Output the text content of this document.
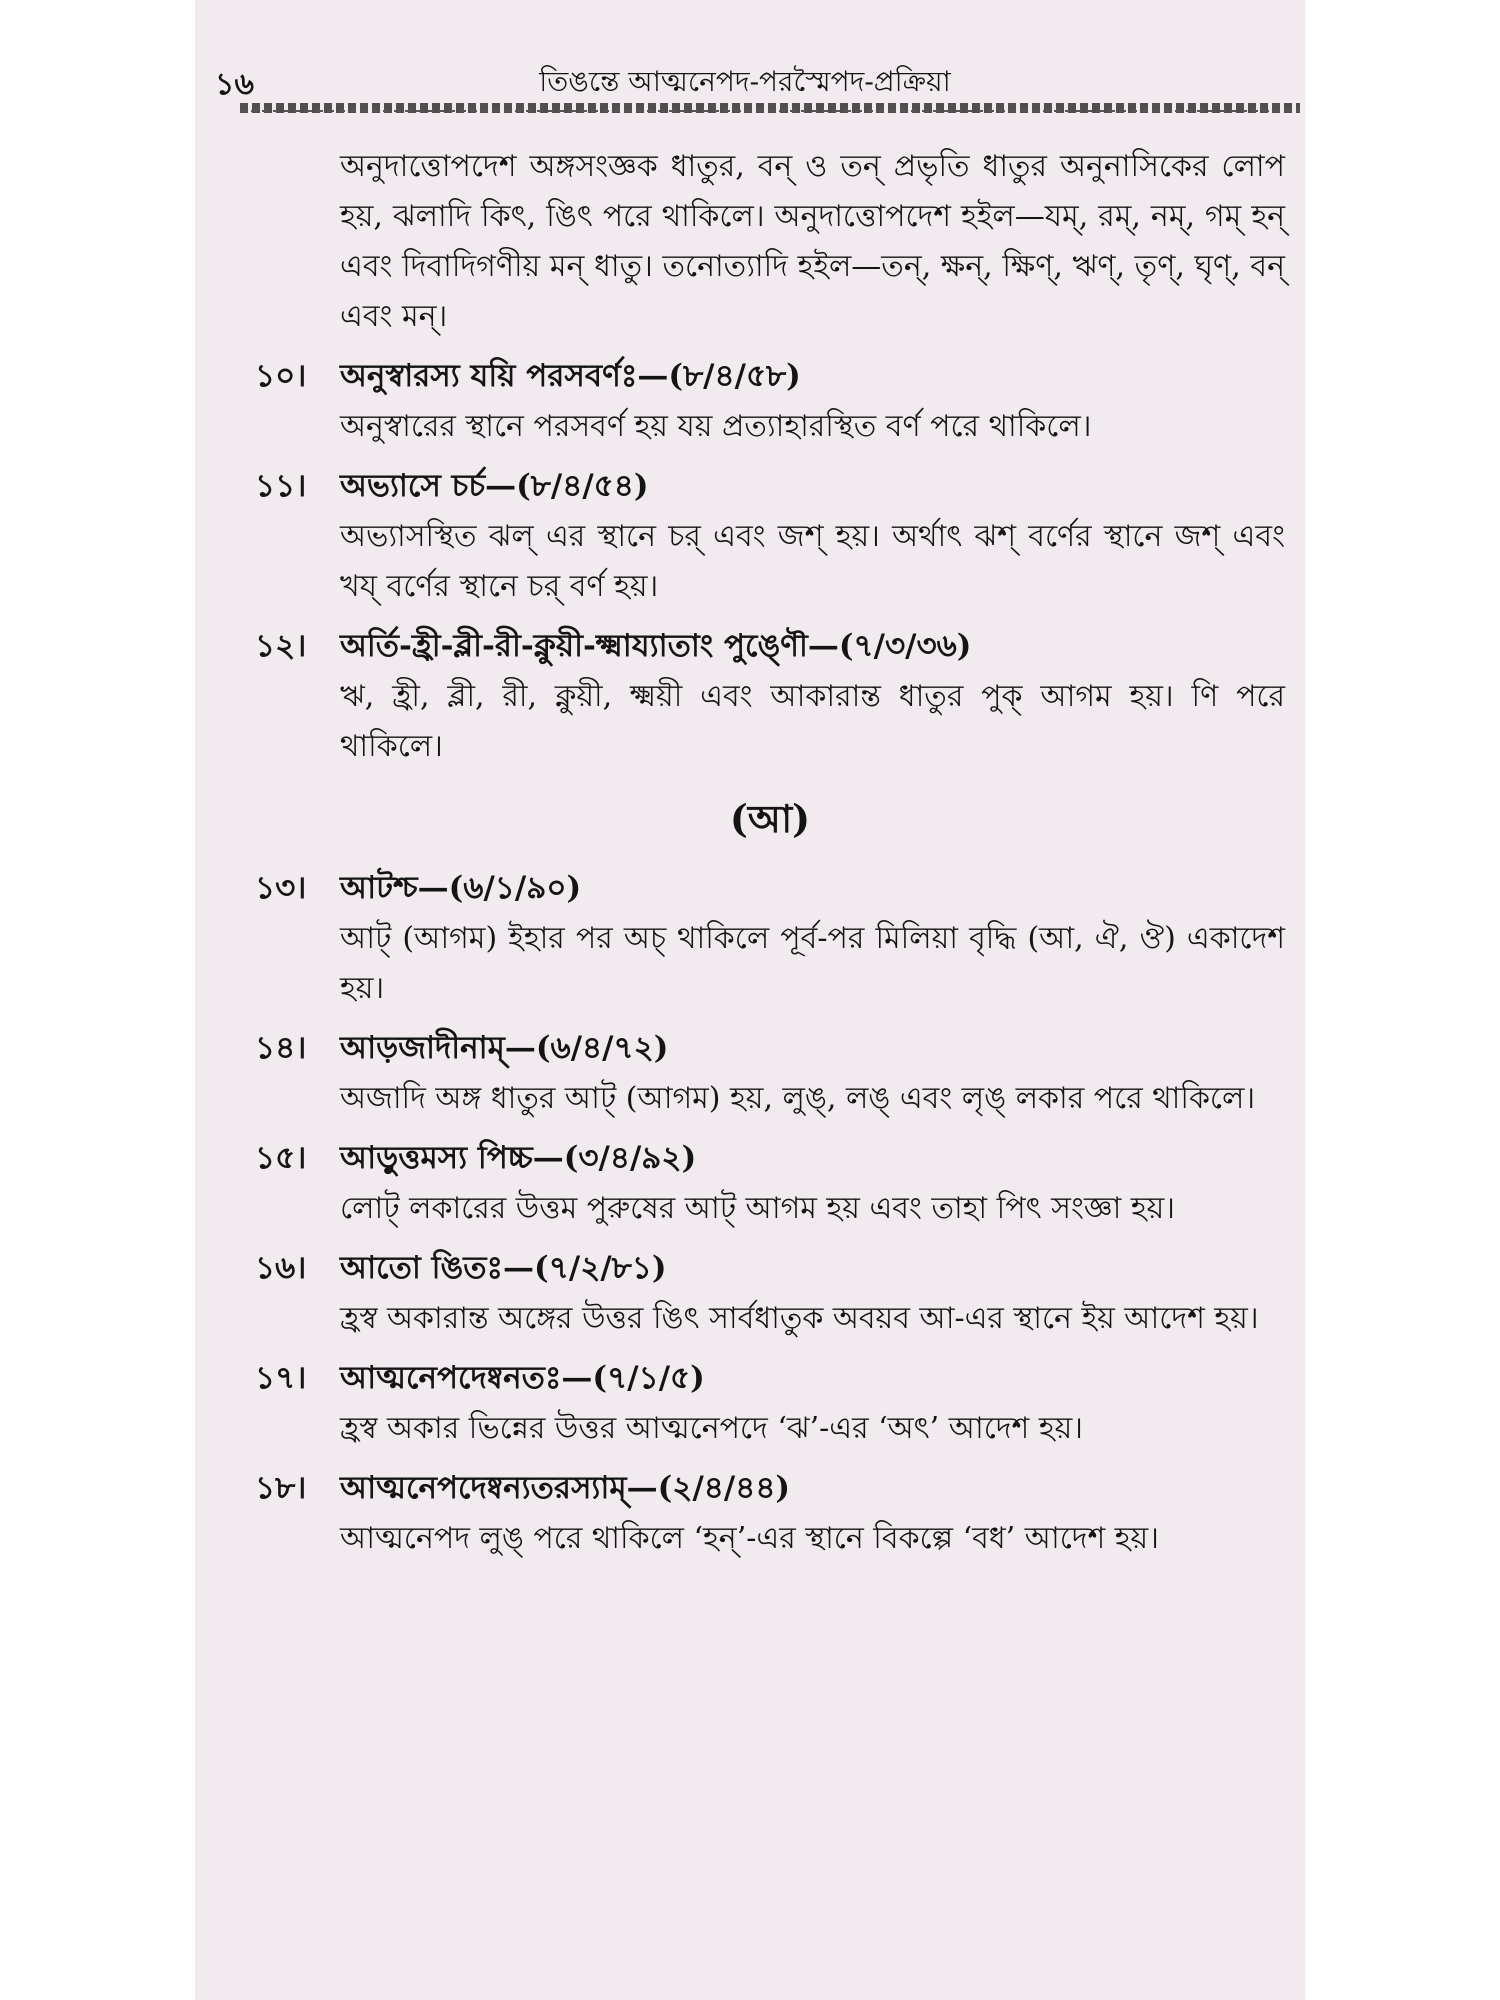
১৬	তিঙন্তে আত্মনেপদ-পরস্মৈপদ-প্রক্রিয়া

অনুদাত্তোপদেশ অঙ্গসংজ্ঞক ধাতুর, বন্ ও তন্ প্রভৃতি ধাতুর অনুনাসিকের লোপ হয়, ঝলাদি কিৎ, ঙিৎ পরে থাকিলে। অনুদাত্তোপদেশ হইল—যম্, রম্, নম্, গম্ হন্ এবং দিবাদিগণীয় মন্ ধাতু। তনোত্যাদি হইল—তন্, ক্ষন্, ক্ষিণ্, ঋণ্, তৃণ্, ঘৃণ্, বন্ এবং মন্।

১০।	অনুস্বারস্য যয়ি পরসবর্ণঃ—(৮/৪/৫৮)

অনুস্বারের স্থানে পরসবর্ণ হয় যয় প্রত্যাহারস্থিত বর্ণ পরে থাকিলে।

১১।	অভ্যাসে চর্চ—(৮/৪/৫৪)

অভ্যাসস্থিত ঝল্ এর স্থানে চর্ এবং জশ্ হয়। অর্থাৎ ঝশ্ বর্ণের স্থানে জশ্ এবং খয্ বর্ণের স্থানে চর্ বর্ণ হয়।

১২।	অর্তি-হ্রী-ব্লী-রী-ক্নুয়ী-ক্ষ্মায্যাতাং পুঙ্ণৌ—(৭/৩/৩৬)

ঋ, হ্রী, ব্লী, রী, ক্নুয়ী, ক্ষ্ময়ী এবং আকারান্ত ধাতুর পুক্ আগম হয়। ণি পরে থাকিলে।

(আ)
১৩।	আটশ্চ—(৬/১/৯০)

আট্ (আগম) ইহার পর অচ্ থাকিলে পূর্ব-পর মিলিয়া বৃদ্ধি (আ, ঐ, ঔ) একাদেশ হয়।

১৪।	আড়জাদীনাম্—(৬/৪/৭২)

অজাদি অঙ্গ ধাতুর আট্ (আগম) হয়, লুঙ্, লঙ্ এবং লৃঙ্ লকার পরে থাকিলে।

১৫।	আড়ুত্তমস্য পিচ্চ—(৩/৪/৯২)

লোট্ লকারের উত্তম পুরুষের আট্ আগম হয় এবং তাহা পিৎ সংজ্ঞা হয়।

১৬।	আতো ঙিতঃ—(৭/২/৮১)

হ্রস্ব অকারান্ত অঙ্গের উত্তর ঙিৎ সার্বধাতুক অবয়ব আ-এর স্থানে ইয় আদেশ হয়।

১৭।	আত্মনেপদেষ্বনতঃ—(৭/১/৫)

হ্রস্ব অকার ভিন্নের উত্তর আত্মনেপদে ‘ঝ’-এর ‘অৎ’ আদেশ হয়।

১৮।	আত্মনেপদেষ্বন্যতরস্যাম্—(২/৪/৪৪)

আত্মনেপদ লুঙ্ পরে থাকিলে ‘হন্’-এর স্থানে বিকল্পে ‘বধ’ আদেশ হয়।
